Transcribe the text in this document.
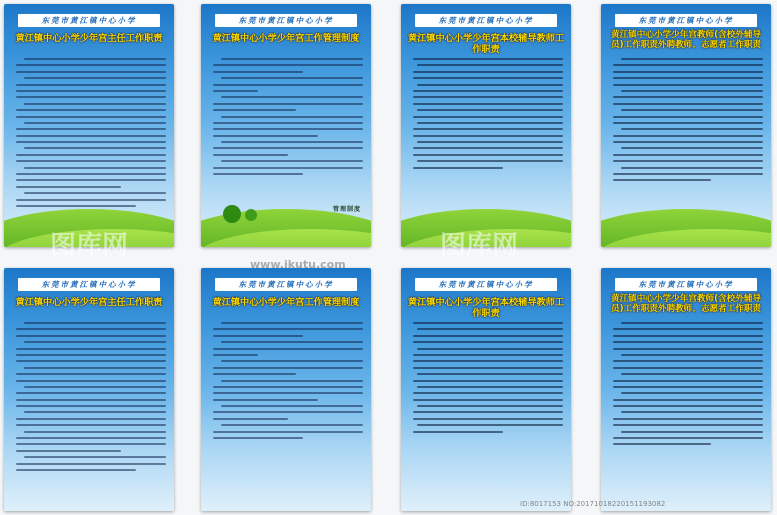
东莞市黄江镇中心小学
黄江镇中心小学少年宫主任工作职责
东莞市黄江镇中心小学
黄江镇中心小学少年宫工作管理制度
管理制度
东莞市黄江镇中心小学
黄江镇中心小学少年宫本校辅导教师工作职责
东莞市黄江镇中心小学
黄江镇中心小学少年宫教师(含校外辅导员)工作职责外聘教师、志愿者工作职责
东莞市黄江镇中心小学
黄江镇中心小学少年宫主任工作职责
东莞市黄江镇中心小学
黄江镇中心小学少年宫工作管理制度
东莞市黄江镇中心小学
黄江镇中心小学少年宫本校辅导教师工作职责
东莞市黄江镇中心小学
黄江镇中心小学少年宫教师(含校外辅导员)工作职责外聘教师、志愿者工作职责
图库网	图库网
www.ikutu.com
ID:8017153 NO:20171018220151193082
